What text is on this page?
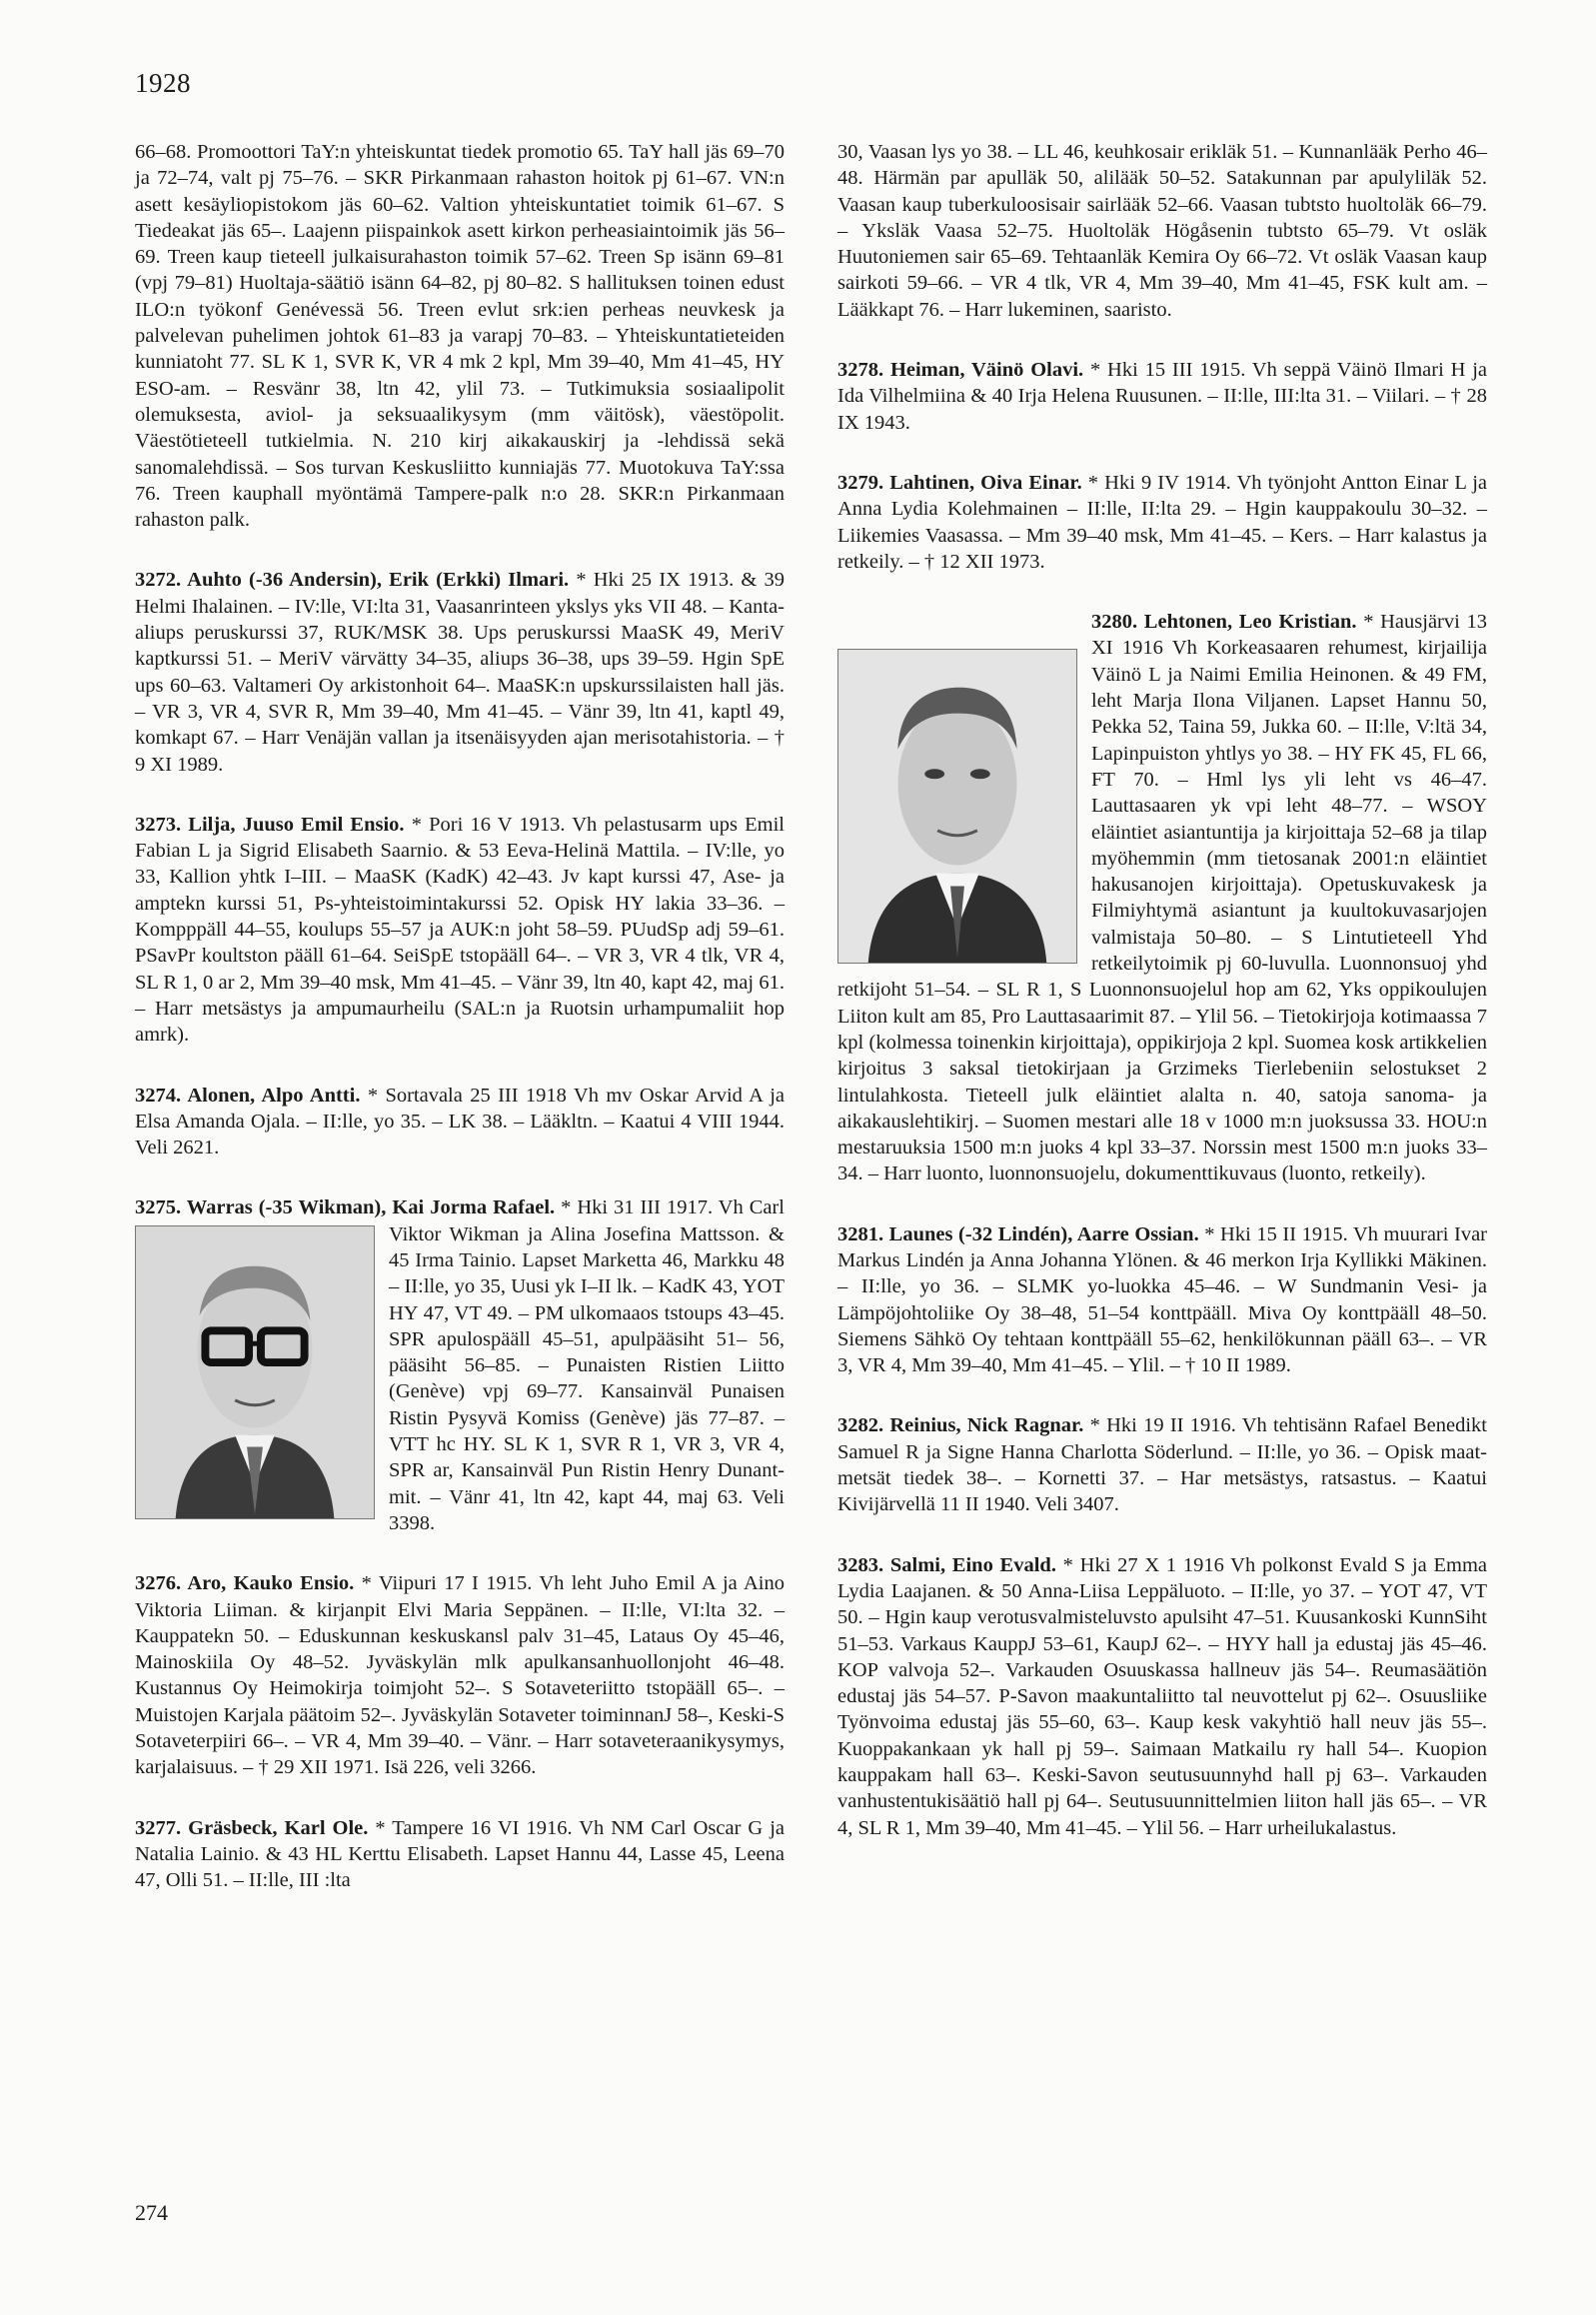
1928

66–68. Promoottori TaY:n yhteiskuntat tiedek promotio 65. TaY hall jäs 69–70 ja 72–74, valt pj 75–76. – SKR Pirkanmaan rahaston hoitok pj 61–67. VN:n asett kesäyliopistokom jäs 60–62. Valtion yhteiskuntatiet toimik 61–67. S Tiedeakat jäs 65–. Laajenn piispainkok asett kirkon perheasiaintoimik jäs 56–69. Treen kaup tieteell julkaisurahaston toimik 57–62. Treen Sp isänn 69–81 (vpj 79–81) Huoltaja-säätiö isänn 64–82, pj 80–82. S hallituksen toinen edust ILO:n työkonf Genévessä 56. Treen evlut srk:ien perheas neuvkesk ja palvelevan puhelimen johtok 61–83 ja varapj 70–83. – Yhteiskuntatieteiden kunniatoht 77. SL K 1, SVR K, VR 4 mk 2 kpl, Mm 39–40, Mm 41–45, HY ESO-am. – Resvänr 38, ltn 42, ylil 73. – Tutkimuksia sosiaalipolit olemuksesta, aviol- ja seksuaalikysym (mm väitösk), väestöpolit. Väestötieteell tutkielmia. N. 210 kirj aikakauskirj ja -lehdissä sekä sanomalehdissä. – Sos turvan Keskusliitto kunniajäs 77. Muotokuva TaY:ssa 76. Treen kauphall myöntämä Tampere-palk n:o 28. SKR:n Pirkanmaan rahaston palk.

3272. Auhto (-36 Andersin), Erik (Erkki) Ilmari. * Hki 25 IX 1913. & 39 Helmi Ihalainen. – IV:lle, VI:lta 31, Vaasanrinteen ykslys yks VII 48. – Kanta-aliups peruskurssi 37, RUK/MSK 38. Ups peruskurssi MaaSK 49, MeriV kaptkurssi 51. – MeriV värvätty 34–35, aliups 36–38, ups 39–59. Hgin SpE ups 60–63. Valtameri Oy arkistonhoit 64–. MaaSK:n upskurssilaisten hall jäs. – VR 3, VR 4, SVR R, Mm 39–40, Mm 41–45. – Vänr 39, ltn 41, kaptl 49, komkapt 67. – Harr Venäjän vallan ja itsenäisyyden ajan merisotahistoria. – † 9 XI 1989.

3273. Lilja, Juuso Emil Ensio. * Pori 16 V 1913. Vh pelastusarm ups Emil Fabian L ja Sigrid Elisabeth Saarnio. & 53 Eeva-Helinä Mattila. – IV:lle, yo 33, Kallion yhtk I–III. – MaaSK (KadK) 42–43. Jv kapt kurssi 47, Ase- ja amptekn kurssi 51, Ps-yhteistoimintakurssi 52. Opisk HY lakia 33–36. – Kompppäll 44–55, koulups 55–57 ja AUK:n joht 58–59. PUudSp adj 59–61. PSavPr koultston pääll 61–64. SeiSpE tstopääll 64–. – VR 3, VR 4 tlk, VR 4, SL R 1, 0 ar 2, Mm 39–40 msk, Mm 41–45. – Vänr 39, ltn 40, kapt 42, maj 61. – Harr metsästys ja ampumaurheilu (SAL:n ja Ruotsin urhampumaliit hop amrk).

3274. Alonen, Alpo Antti. * Sortavala 25 III 1918 Vh mv Oskar Arvid A ja Elsa Amanda Ojala. – II:lle, yo 35. – LK 38. – Lääkltn. – Kaatui 4 VIII 1944. Veli 2621.

3275. Warras (-35 Wikman), Kai Jorma Rafael.
* Hki 31 III 1917. Vh Carl Viktor Wikman ja Alina Josefina Mattsson. & 45 Irma Tainio. Lapset Marketta 46, Markku 48 – II:lle, yo 35, Uusi yk I–II lk. – KadK 43, YOT HY 47, VT 49. – PM ulkomaaos tstoups 43–45. SPR apulospääll 45–51, apulpääsiht 51– 56, pääsiht 56–85. – Punaisten Ristien Liitto (Genève) vpj 69–77. Kansainväl Punaisen Ristin Pysyvä Komiss (Genève) jäs 77–87. – VTT hc HY. SL K 1, SVR R 1, VR 3, VR 4, SPR ar, Kansainväl Pun Ristin Henry Dunant-mit. – Vänr 41, ltn 42, kapt 44, maj 63. Veli 3398.

3276. Aro, Kauko Ensio. * Viipuri 17 I 1915. Vh leht Juho Emil A ja Aino Viktoria Liiman. & kirjanpit Elvi Maria Seppänen. – II:lle, VI:lta 32. – Kauppatekn 50. – Eduskunnan keskuskansl palv 31–45, Lataus Oy 45–46, Mainoskiila Oy 48–52. Jyväskylän mlk apulkansanhuollonjoht 46–48. Kustannus Oy Heimokirja toimjoht 52–. S Sotaveteriitto tstopääll 65–. – Muistojen Karjala päätoim 52–. Jyväskylän Sotaveter toiminnanJ 58–, Keski-S Sotaveterpiiri 66–. – VR 4, Mm 39–40. – Vänr. – Harr sotaveteraanikysymys, karjalaisuus. – † 29 XII 1971. Isä 226, veli 3266.

3277. Gräsbeck, Karl Ole. * Tampere 16 VI 1916. Vh NM Carl Oscar G ja Natalia Lainio. & 43 HL Kerttu Elisabeth. Lapset Hannu 44, Lasse 45, Leena 47, Olli 51. – II:lle, III :lta

30, Vaasan lys yo 38. – LL 46, keuhkosair erikläk 51. – Kunnanlääk Perho 46–48. Härmän par apulläk 50, alilääk 50–52. Satakunnan par apulyliläk 52. Vaasan kaup tuberkuloosisair sairlääk 52–66. Vaasan tubtsto huoltoläk 66–79. – Yksläk Vaasa 52–75. Huoltoläk Högåsenin tubtsto 65–79. Vt osläk Huutoniemen sair 65–69. Tehtaanläk Kemira Oy 66–72. Vt osläk Vaasan kaup sairkoti 59–66. – VR 4 tlk, VR 4, Mm 39–40, Mm 41–45, FSK kult am. – Lääkkapt 76. – Harr lukeminen, saaristo.

3278. Heiman, Väinö Olavi. * Hki 15 III 1915. Vh seppä Väinö Ilmari H ja Ida Vilhelmiina & 40 Irja Helena Ruusunen. – II:lle, III:lta 31. – Viilari. – † 28 IX 1943.

3279. Lahtinen, Oiva Einar. * Hki 9 IV 1914. Vh työnjoht Antton Einar L ja Anna Lydia Kolehmainen – II:lle, II:lta 29. – Hgin kauppakoulu 30–32. – Liikemies Vaasassa. – Mm 39–40 msk, Mm 41–45. – Kers. – Harr kalastus ja retkeily. – † 12 XII 1973.

3280. Lehtonen, Leo Kristian.
* Hausjärvi 13 XI 1916 Vh Korkeasaaren rehumest, kirjailija Väinö L ja Naimi Emilia Heinonen. & 49 FM, leht Marja Ilona Viljanen. Lapset Hannu 50, Pekka 52, Taina 59, Jukka 60. – II:lle, V:ltä 34, Lapinpuiston yhtlys yo 38. – HY FK 45, FL 66, FT 70. – Hml lys yli leht vs 46–47. Lauttasaaren yk vpi leht 48–77. – WSOY eläintiet asiantuntija ja kirjoittaja 52–68 ja tilap myöhemmin (mm tietosanak 2001:n eläintiet hakusanojen kirjoittaja). Opetuskuvakesk ja Filmiyhtymä asiantunt ja kuultokuvasarjojen valmistaja 50–80. – S Lintutieteell Yhd retkeilytoimik pj 60-luvulla. Luonnonsuoj yhd retkijoht 51–54. – SL R 1, S Luonnonsuojelul hop am 62, Yks oppikoulujen Liiton kult am 85, Pro Lauttasaarimit 87. – Ylil 56. – Tietokirjoja kotimaassa 7 kpl (kolmessa toinenkin kirjoittaja), oppikirjoja 2 kpl. Suomea kosk artikkelien kirjoitus 3 saksal tietokirjaan ja Grzimeks Tierlebeniin selostukset 2 lintulahkosta. Tieteell julk eläintiet alalta n. 40, satoja sanoma- ja aikakauslehtikirj. – Suomen mestari alle 18 v 1000 m:n juoksussa 33. HOU:n mestaruuksia 1500 m:n juoks 4 kpl 33–37. Norssin mest 1500 m:n juoks 33–34. – Harr luonto, luonnonsuojelu, dokumenttikuvaus (luonto, retkeily).

3281. Launes (-32 Lindén), Aarre Ossian. * Hki 15 II 1915. Vh muurari Ivar Markus Lindén ja Anna Johanna Ylönen. & 46 merkon Irja Kyllikki Mäkinen. – II:lle, yo 36. – SLMK yo-luokka 45–46. – W Sundmanin Vesi- ja Lämpöjohtoliike Oy 38–48, 51–54 konttpääll. Miva Oy konttpääll 48–50. Siemens Sähkö Oy tehtaan konttpääll 55–62, henkilökunnan pääll 63–. – VR 3, VR 4, Mm 39–40, Mm 41–45. – Ylil. – † 10 II 1989.

3282. Reinius, Nick Ragnar. * Hki 19 II 1916. Vh tehtisänn Rafael Benedikt Samuel R ja Signe Hanna Charlotta Söderlund. – II:lle, yo 36. – Opisk maat-metsät tiedek 38–. – Kornetti 37. – Har metsästys, ratsastus. – Kaatui Kivijärvellä 11 II 1940. Veli 3407.

3283. Salmi, Eino Evald. * Hki 27 X 1 1916 Vh polkonst Evald S ja Emma Lydia Laajanen. & 50 Anna-Liisa Leppäluoto. – II:lle, yo 37. – YOT 47, VT 50. – Hgin kaup verotusvalmisteluvsto apulsiht 47–51. Kuusankoski KunnSiht 51–53. Varkaus KauppJ 53–61, KaupJ 62–. – HYY hall ja edustaj jäs 45–46. KOP valvoja 52–. Varkauden Osuuskassa hallneuv jäs 54–. Reumasäätiön edustaj jäs 54–57. P-Savon maakuntaliitto tal neuvottelut pj 62–. Osuusliike Työnvoima edustaj jäs 55–60, 63–. Kaup kesk vakyhtiö hall neuv jäs 55–. Kuoppakankaan yk hall pj 59–. Saimaan Matkailu ry hall 54–. Kuopion kauppakam hall 63–. Keski-Savon seutusuunnyhd hall pj 63–. Varkauden vanhustentukisäätiö hall pj 64–. Seutusuunnittelmien liiton hall jäs 65–. – VR 4, SL R 1, Mm 39–40, Mm 41–45. – Ylil 56. – Harr urheilukalastus.

274
